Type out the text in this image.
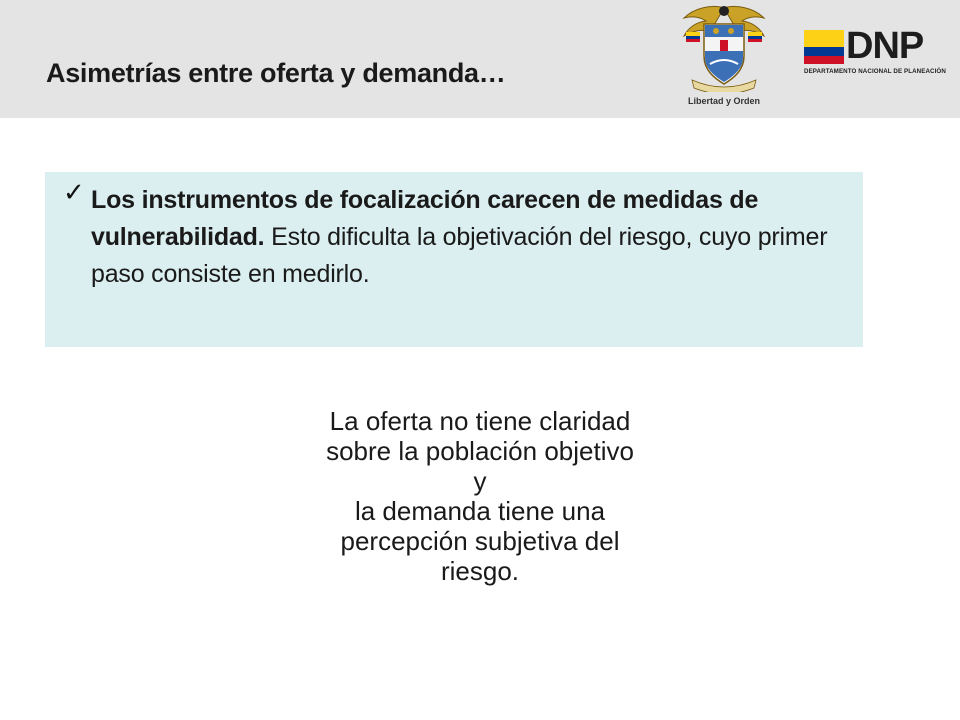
Asimetrías entre oferta y demanda…
Libertad y Orden
DNP
DEPARTAMENTO NACIONAL DE PLANEACIÓN
✓ Los instrumentos de focalización carecen de medidas de vulnerabilidad. Esto dificulta la objetivación del riesgo, cuyo primer paso consiste en medirlo.
La oferta no tiene claridad
sobre la población objetivo
y
la demanda tiene una
percepción subjetiva del
riesgo.
